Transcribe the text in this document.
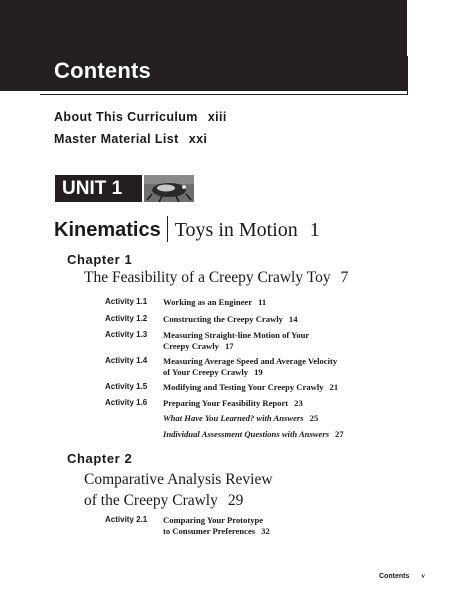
Contents
About This Curriculum xiii
Master Material List xxi
UNIT 1
Kinematics Toys in Motion 1
Chapter 1
The Feasibility of a Creepy Crawly Toy 7
Activity 1.1 Working as an Engineer 11
Activity 1.2 Constructing the Creepy Crawly 14
Activity 1.3 Measuring Straight-line Motion of Your
Creepy Crawly 17
Activity 1.4 Measuring Average Speed and Average Velocity
of Your Creepy Crawly 19
Activity 1.5 Modifying and Testing Your Creepy Crawly 21
Activity 1.6 Preparing Your Feasibility Report 23
What Have You Learned? with Answers 25
Individual Assessment Questions with Answers 27
Chapter 2
Comparative Analysis Review
of the Creepy Crawly 29
Activity 2.1 Comparing Your Prototype
to Consumer Preferences 32
Contents v
